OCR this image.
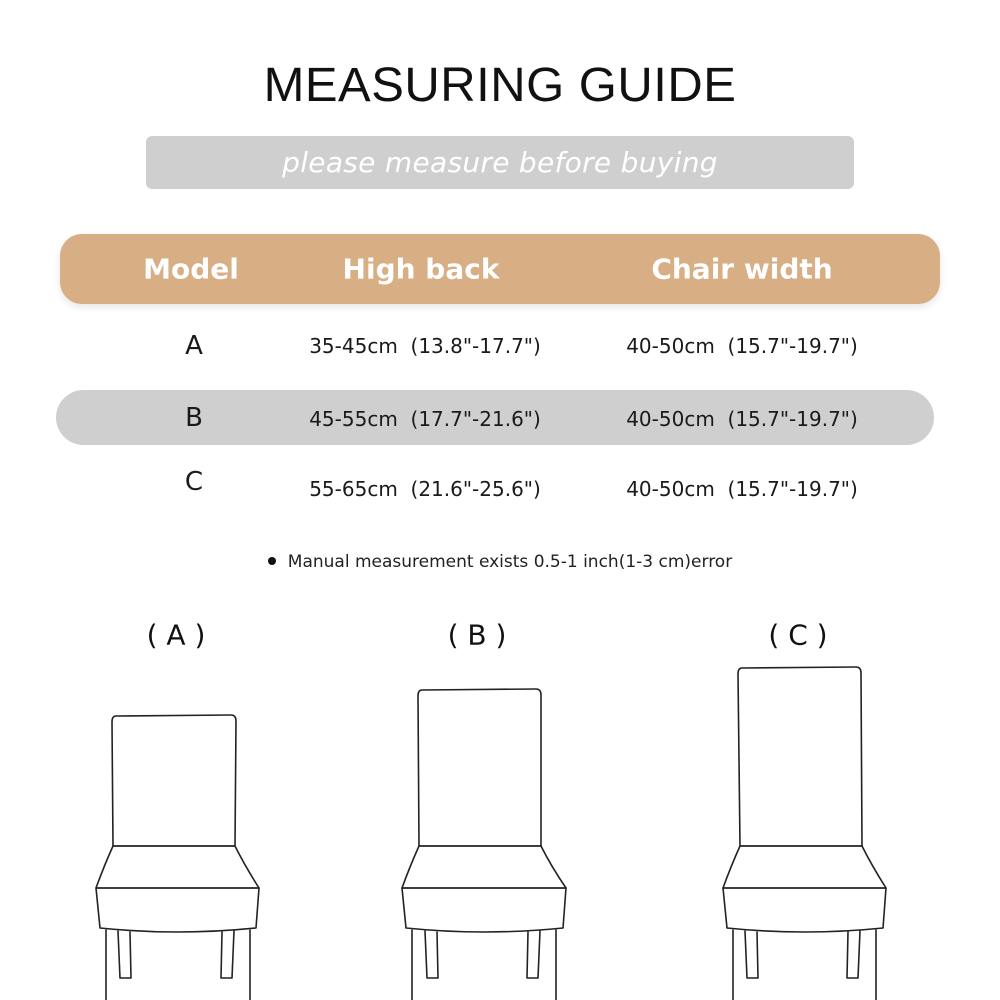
MEASURING GUIDE
please measure before buying
Model	High back	Chair width
A	35-45cm  (13.8"-17.7")	40-50cm  (15.7"-19.7")
B	45-55cm  (17.7"-21.6")	40-50cm  (15.7"-19.7")
C	55-65cm  (21.6"-25.6")	40-50cm  (15.7"-19.7")
Manual measurement exists 0.5-1 inch(1-3 cm)error
( A )	( B )	( C )
